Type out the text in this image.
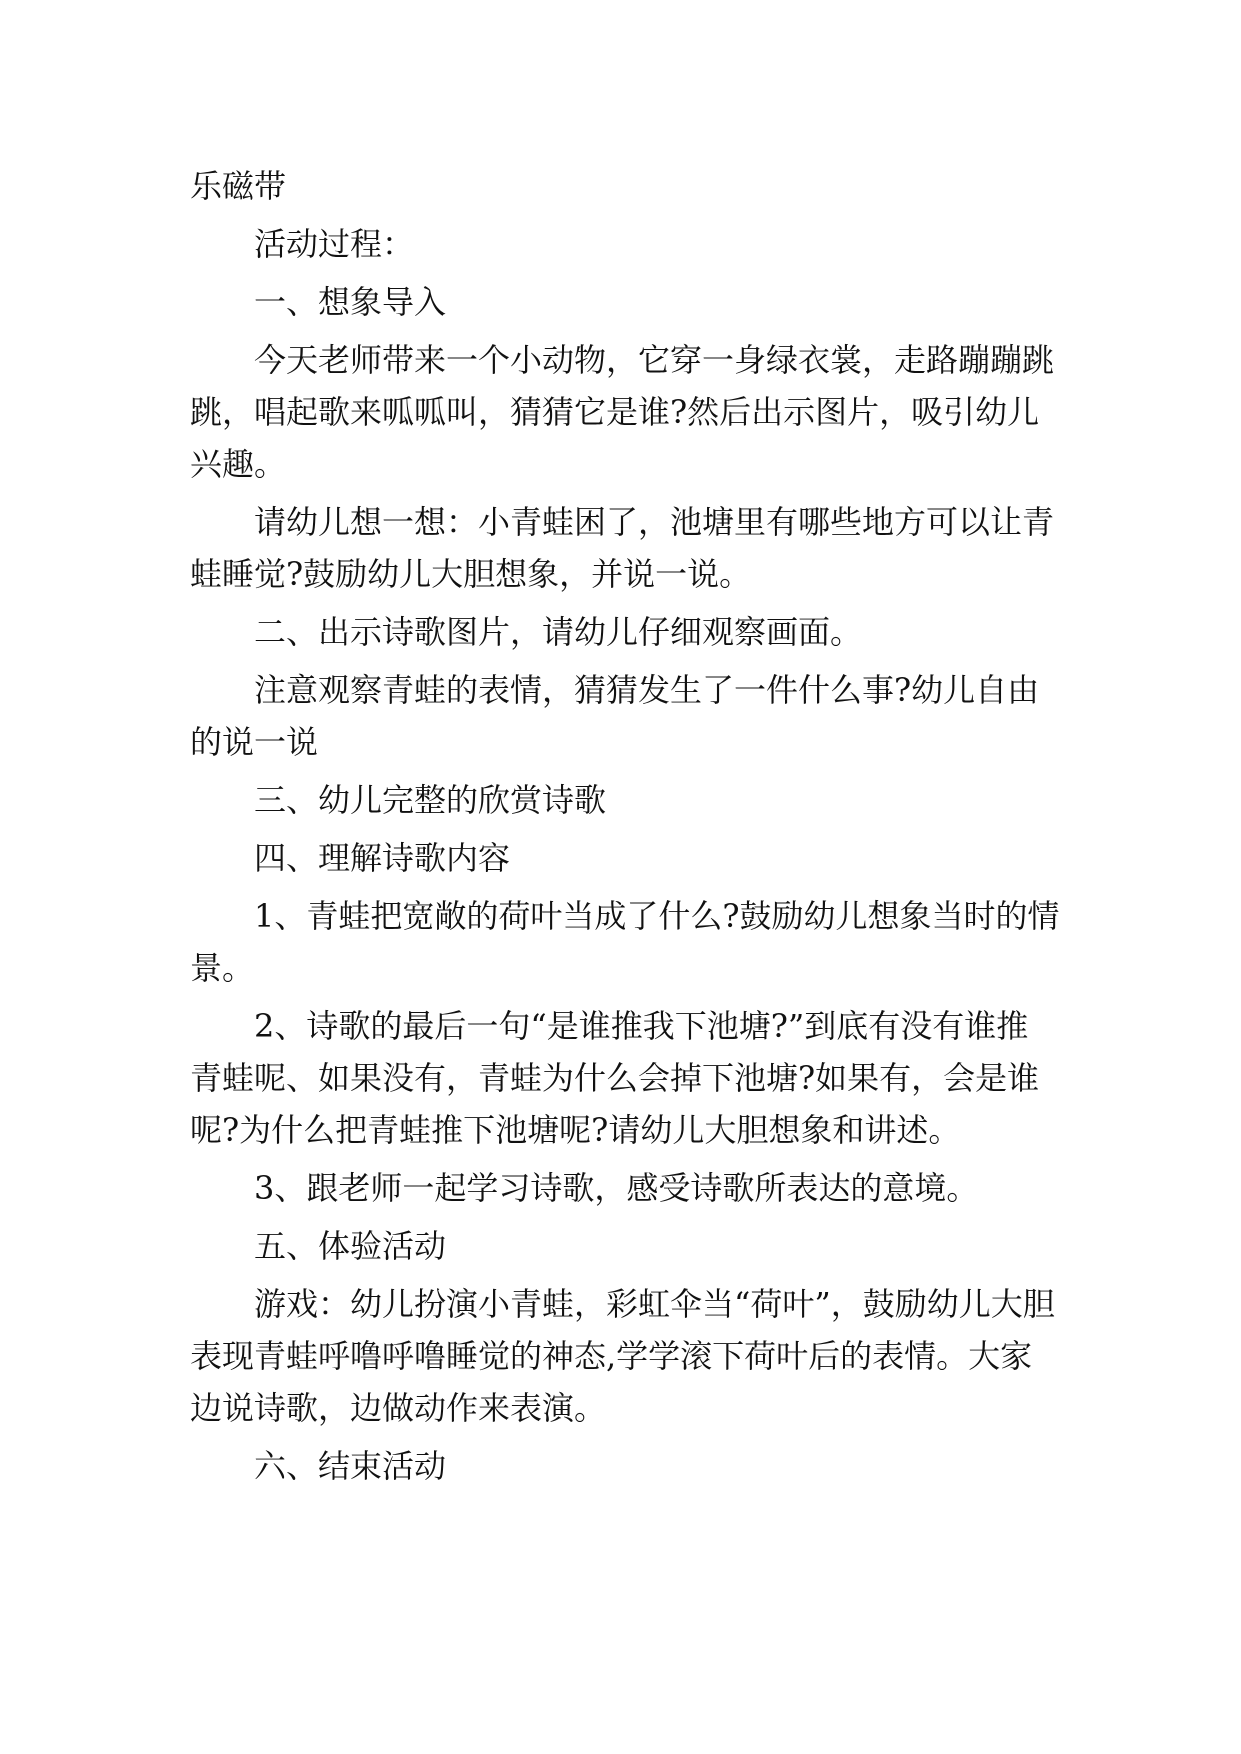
乐磁带

活动过程：

一、想象导入

今天老师带来一个小动物，它穿一身绿衣裳，走路蹦蹦跳跳，唱起歌来呱呱叫，猜猜它是谁?然后出示图片，吸引幼儿兴趣。

请幼儿想一想：小青蛙困了，池塘里有哪些地方可以让青蛙睡觉?鼓励幼儿大胆想象，并说一说。

二、出示诗歌图片，请幼儿仔细观察画面。

注意观察青蛙的表情，猜猜发生了一件什么事?幼儿自由的说一说

三、幼儿完整的欣赏诗歌

四、理解诗歌内容

1、青蛙把宽敞的荷叶当成了什么?鼓励幼儿想象当时的情景。

2、诗歌的最后一句“是谁推我下池塘?”到底有没有谁推青蛙呢、如果没有，青蛙为什么会掉下池塘?如果有，会是谁呢?为什么把青蛙推下池塘呢?请幼儿大胆想象和讲述。

3、跟老师一起学习诗歌，感受诗歌所表达的意境。

五、体验活动

游戏：幼儿扮演小青蛙，彩虹伞当“荷叶”，鼓励幼儿大胆表现青蛙呼噜呼噜睡觉的神态,学学滚下荷叶后的表情。大家边说诗歌，边做动作来表演。

六、结束活动
